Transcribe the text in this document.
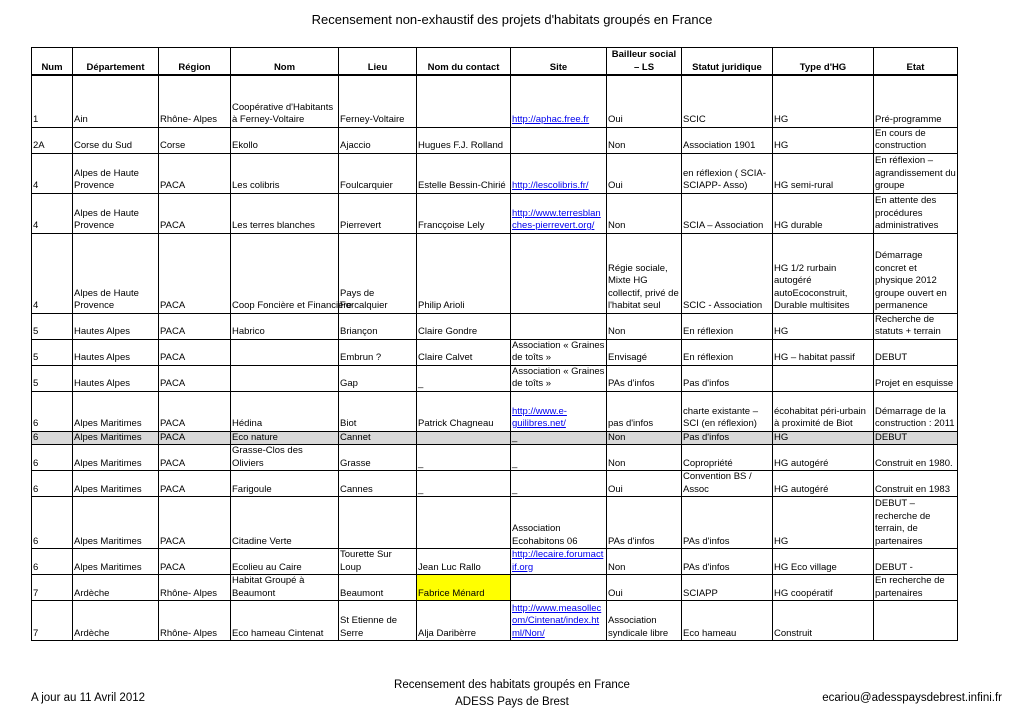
Recensement non-exhaustif des projets d'habitats groupés en France
Num	Département	Région	Nom	Lieu	Nom du contact	Site	Bailleur social – LS	Statut juridique	Type d'HG	Etat
1	Ain	Rhône- Alpes	Coopérative d'Habitants à Ferney-Voltaire	Ferney-Voltaire		http://aphac.free.fr	Oui	SCIC	HG	Pré-programme
2A	Corse du Sud	Corse	Ekollo	Ajaccio	Hugues F.J. Rolland		Non	Association 1901	HG	En cours de construction
4	Alpes de Haute Provence	PACA	Les colibris	Foulcarquier	Estelle Bessin-Chirié	http://lescolibris.fr/	Oui	en réflexion ( SCIA-SCIAPP- Asso)	HG semi-rural	En réflexion – agrandissement du groupe
4	Alpes de Haute Provence	PACA	Les terres blanches	Pierrevert	Francçoise Lely	http://www.terresblanches-pierrevert.org/	Non	SCIA – Association	HG durable	En attente des procédures administratives
4	Alpes de Haute Provence	PACA	Coop Foncière et Financière	Pays de Forcalquier	Philip Arioli		Régie sociale, Mixte HG collectif, privé de l'habitat seul	SCIC - Association	HG 1/2 rurbain autogéré autoEcoconstruit, Durable multisites	Démarrage concret et physique 2012 groupe ouvert en permanence
5	Hautes Alpes	PACA	Habrico	Briançon	Claire Gondre		Non	En réflexion	HG	Recherche de statuts + terrain
5	Hautes Alpes	PACA		Embrun ?	Claire Calvet	Association « Graines de toîts »	Envisagé	En réflexion	HG – habitat passif	DEBUT
5	Hautes Alpes	PACA		Gap	_	Association « Graines de toîts »	PAs d'infos	Pas d'infos		Projet en esquisse
6	Alpes Maritimes	PACA	Hédina	Biot	Patrick Chagneau	http://www.e-guilibres.net/	pas d'infos	charte existante – SCI (en réflexion)	écohabitat péri-urbain à proximité de Biot	Démarrage de la construction : 2011
6	Alpes Maritimes	PACA	Eco nature	Cannet		_	Non	Pas d'infos	HG	DEBUT
6	Alpes Maritimes	PACA	Grasse-Clos des Oliviers	Grasse	_	_	Non	Copropriété	HG autogéré	Construit en 1980.
6	Alpes Maritimes	PACA	Farigoule	Cannes	_	_	Oui	Convention BS / Assoc	HG autogéré	Construit en 1983
6	Alpes Maritimes	PACA	Citadine Verte			Association Ecohabitons 06	PAs d'infos	PAs d'infos	HG	DEBUT – recherche de terrain, de partenaires
6	Alpes Maritimes	PACA	Ecolieu au Caire	Tourette Sur Loup	Jean Luc Rallo	http://lecaire.forumactif.org	Non	PAs d'infos	HG Eco village	DEBUT -
7	Ardèche	Rhône- Alpes	Habitat Groupé à Beaumont	Beaumont	Fabrice Ménard		Oui	SCIAPP	HG coopératif	En recherche de partenaires
7	Ardèche	Rhône- Alpes	Eco hameau Cintenat	St Etienne de Serre	Alja Daribèrre	http://www.measollecom/Cintenat/index.html/Non/	Association syndicale libre	Eco hameau	Construit	
A jour au 11 Avril 2012
Recensement des habitats groupés en France
ADESS Pays de Brest	ecariou@adesspaysdebrest.infini.fr
